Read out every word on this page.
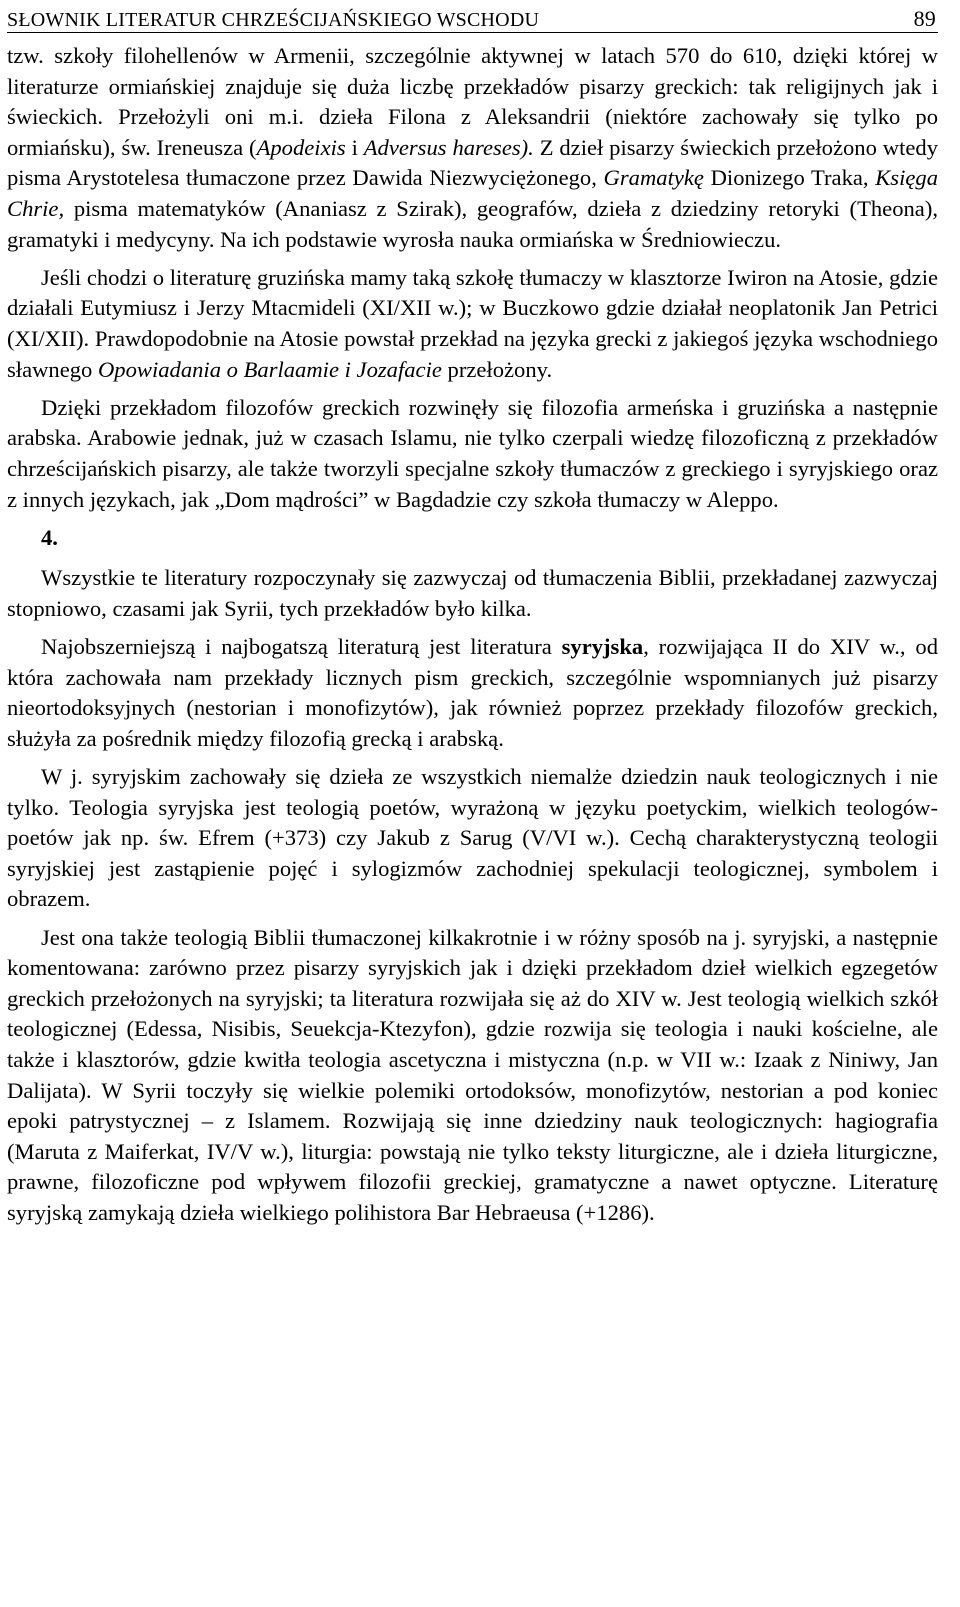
SŁOWNIK LITERATUR CHRZEŚCIJAŃSKIEGO WSCHODU	89

tzw. szkoły filohellenów w Armenii, szczególnie aktywnej w latach 570 do 610, dzięki której w literaturze ormiańskiej znajduje się duża liczbę przekładów pisarzy greckich: tak religijnych jak i świeckich. Przełożyli oni m.i. dzieła Filona z Aleksandrii (niektóre zachowały się tylko po ormiańsku), św. Ireneusza (Apodeixis i Adversus hareses). Z dzieł pisarzy świeckich przełożono wtedy pisma Arystotelesa tłumaczone przez Dawida Niezwyciężonego, Gramatykę Dionizego Traka, Księga Chrie, pisma matematyków (Ananiasz z Szirak), geografów, dzieła z dziedziny retoryki (Theona), gramatyki i medycyny. Na ich podstawie wyrosła nauka ormiańska w Średniowieczu.

Jeśli chodzi o literaturę gruzińska mamy taką szkołę tłumaczy w klasztorze Iwiron na Atosie, gdzie działali Eutymiusz i Jerzy Mtacmideli (XI/XII w.); w Buczkowo gdzie działał neoplatonik Jan Petrici (XI/XII). Prawdopodobnie na Atosie powstał przekład na języka grecki z jakiegoś języka wschodniego sławnego Opowiadania o Barlaamie i Jozafacie przełożony.

Dzięki przekładom filozofów greckich rozwinęły się filozofia armeńska i gruzińska a następnie arabska. Arabowie jednak, już w czasach Islamu, nie tylko czerpali wiedzę filozoficzną z przekładów chrześcijańskich pisarzy, ale także tworzyli specjalne szkoły tłumaczów z greckiego i syryjskiego oraz z innych językach, jak „Dom mądrości” w Bagdadzie czy szkoła tłumaczy w Aleppo.

4.

Wszystkie te literatury rozpoczynały się zazwyczaj od tłumaczenia Biblii, przekładanej zazwyczaj stopniowo, czasami jak Syrii, tych przekładów było kilka.

Najobszerniejszą i najbogatszą literaturą jest literatura syryjska, rozwijająca II do XIV w., od która zachowała nam przekłady licznych pism greckich, szczególnie wspomnianych już pisarzy nieortodoksyjnych (nestorian i monofizytów), jak również poprzez przekłady filozofów greckich, służyła za pośrednik między filozofią grecką i arabską.

W j. syryjskim zachowały się dzieła ze wszystkich niemalże dziedzin nauk teologicznych i nie tylko. Teologia syryjska jest teologią poetów, wyrażoną w języku poetyckim, wielkich teologów-poetów jak np. św. Efrem (+373) czy Jakub z Sarug (V/VI w.). Cechą charakterystyczną teologii syryjskiej jest zastąpienie pojęć i sylogizmów zachodniej spekulacji teologicznej, symbolem i obrazem.

Jest ona także teologią Biblii tłumaczonej kilkakrotnie i w różny sposób na j. syryjski, a następnie komentowana: zarówno przez pisarzy syryjskich jak i dzięki przekładom dzieł wielkich egzegetów greckich przełożonych na syryjski; ta literatura rozwijała się aż do XIV w. Jest teologią wielkich szkół teologicznej (Edessa, Nisibis, Seuekcja-Ktezyfon), gdzie rozwija się teologia i nauki kościelne, ale także i klasztorów, gdzie kwitła teologia ascetyczna i mistyczna (n.p. w VII w.: Izaak z Niniwy, Jan Dalijata). W Syrii toczyły się wielkie polemiki ortodoksów, monofizytów, nestorian a pod koniec epoki patrystycznej – z Islamem. Rozwijają się inne dziedziny nauk teologicznych: hagiografia (Maruta z Maiferkat, IV/V w.), liturgia: powstają nie tylko teksty liturgiczne, ale i dzieła liturgiczne, prawne, filozoficzne pod wpływem filozofii greckiej, gramatyczne a nawet optyczne. Literaturę syryjską zamykają dzieła wielkiego polihistora Bar Hebraeusa (+1286).
